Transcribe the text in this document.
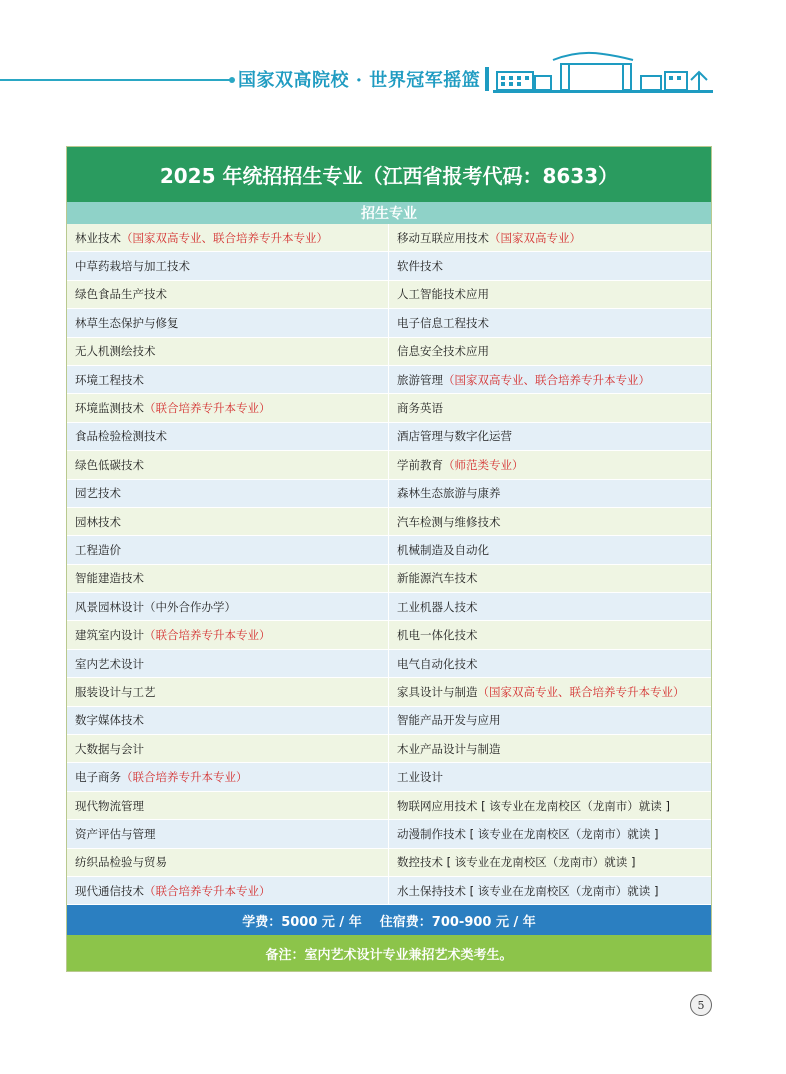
国家双高院校 · 世界冠军摇篮
2025 年统招招生专业（江西省报考代码：8633）
招生专业
林业技术 （国家双高专业、联合培养专升本专业）	移动互联应用技术 （国家双高专业）
中草药栽培与加工技术	软件技术
绿色食品生产技术	人工智能技术应用
林草生态保护与修复	电子信息工程技术
无人机测绘技术	信息安全技术应用
环境工程技术	旅游管理 （国家双高专业、联合培养专升本专业）
环境监测技术 （联合培养专升本专业）	商务英语
食品检验检测技术	酒店管理与数字化运营
绿色低碳技术	学前教育 （师范类专业）
园艺技术	森林生态旅游与康养
园林技术	汽车检测与维修技术
工程造价	机械制造及自动化
智能建造技术	新能源汽车技术
风景园林设计（中外合作办学）	工业机器人技术
建筑室内设计 （联合培养专升本专业）	机电一体化技术
室内艺术设计	电气自动化技术
服装设计与工艺	家具设计与制造 （国家双高专业、联合培养专升本专业）
数字媒体技术	智能产品开发与应用
大数据与会计	木业产品设计与制造
电子商务 （联合培养专升本专业）	工业设计
现代物流管理	物联网应用技术 [ 该专业在龙南校区（龙南市）就读 ]
资产评估与管理	动漫制作技术 [ 该专业在龙南校区（龙南市）就读 ]
纺织品检验与贸易	数控技术 [ 该专业在龙南校区（龙南市）就读 ]
现代通信技术 （联合培养专升本专业）	水土保持技术 [ 该专业在龙南校区（龙南市）就读 ]
学费：5000 元 / 年    住宿费：700-900 元 / 年
备注：室内艺术设计专业兼招艺术类考生。
5
